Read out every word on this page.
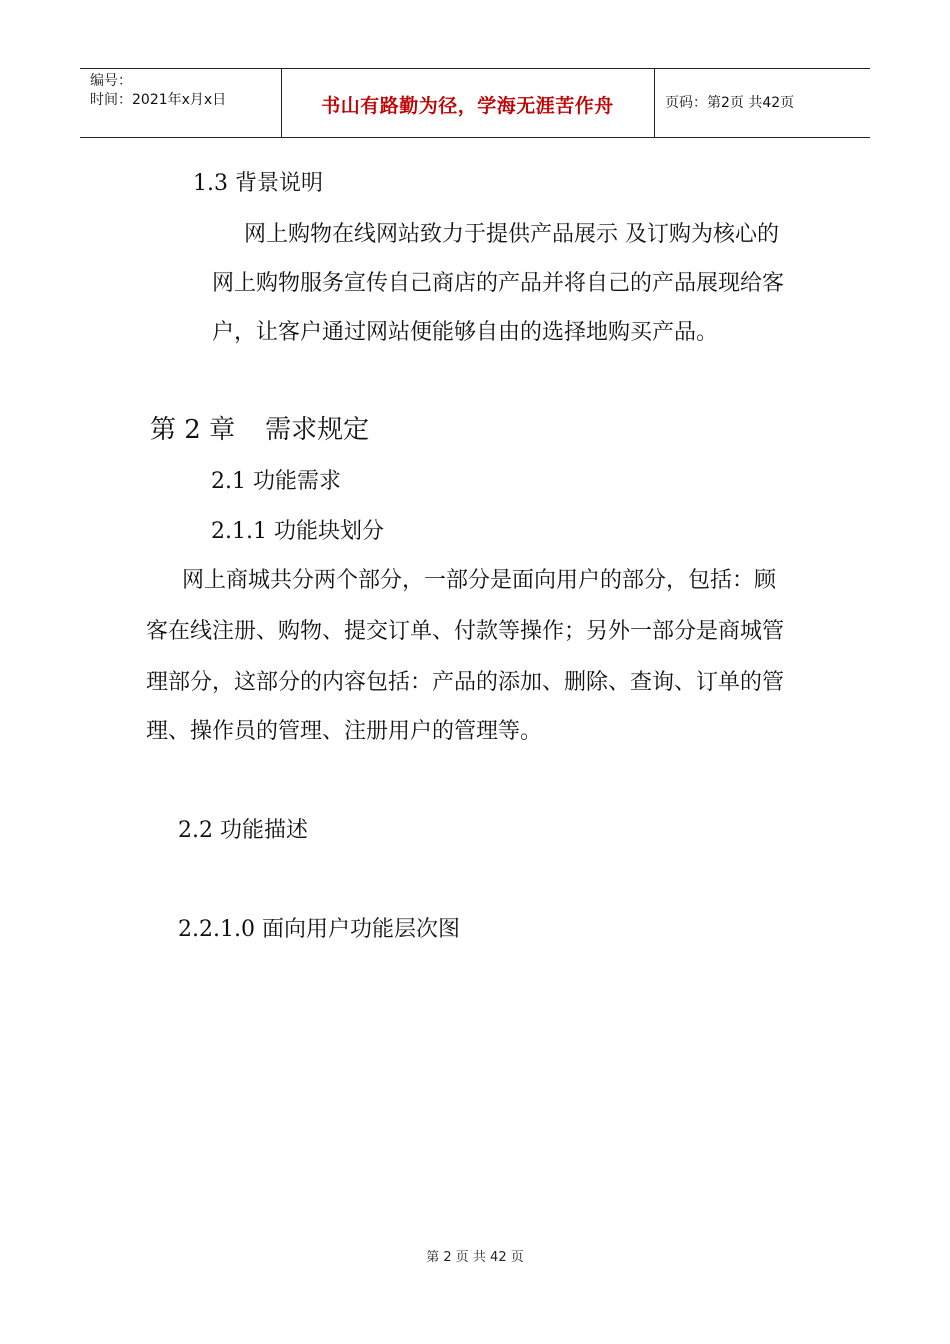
编号：
时间：2021年x月x日	书山有路勤为径，学海无涯苦作舟	页码：第2页 共42页
1.3 背景说明
网上购物在线网站致力于提供产品展示 及订购为核心的
网上购物服务宣传自己商店的产品并将自己的产品展现给客
户，让客户通过网站便能够自由的选择地购买产品。
第 2 章 需求规定
2.1 功能需求
2.1.1 功能块划分
网上商城共分两个部分，一部分是面向用户的部分，包括：顾
客在线注册、购物、提交订单、付款等操作；另外一部分是商城管
理部分，这部分的内容包括：产品的添加、删除、查询、订单的管
理、操作员的管理、注册用户的管理等。
2.2 功能描述
2.2.1.0 面向用户功能层次图
第 2 页 共 42 页
